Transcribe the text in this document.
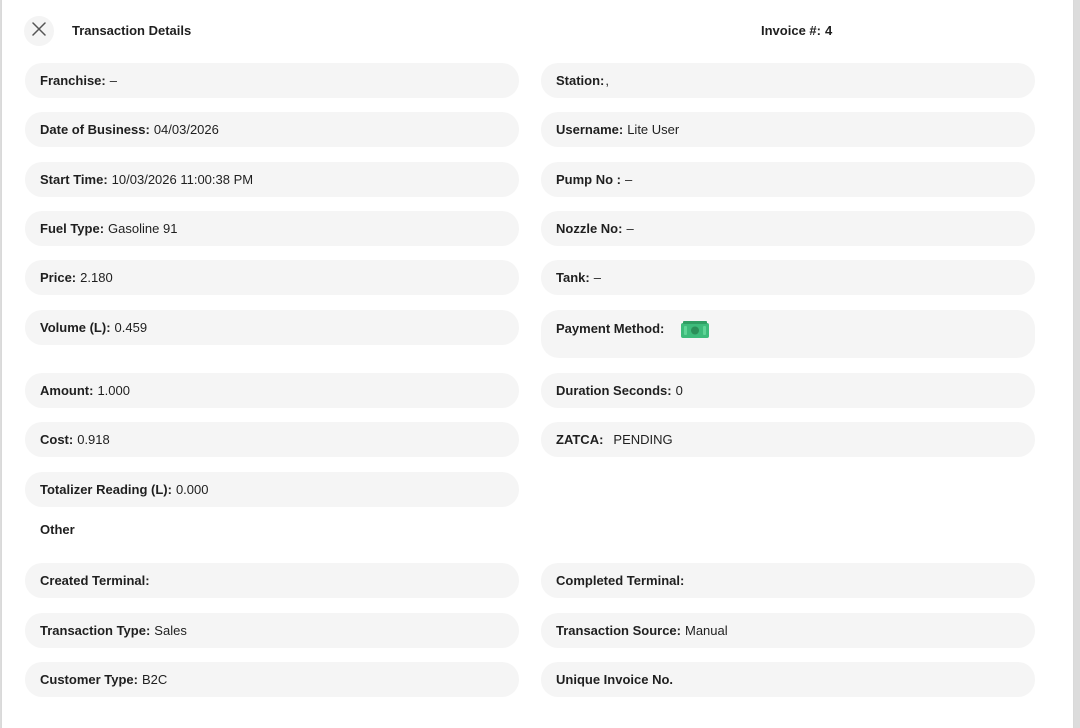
Transaction Details	Invoice #: 4
Franchise: –
Date of Business: 04/03/2026
Start Time: 10/03/2026 11:00:38 PM
Fuel Type: Gasoline 91
Price: 2.180
Volume (L): 0.459
Amount: 1.000
Cost: 0.918
Totalizer Reading (L): 0.000
Station: ,
Username: Lite User
Pump No : –
Nozzle No: –
Tank: –
Payment Method:
Duration Seconds: 0
ZATCA: PENDING
Other
Created Terminal:
Transaction Type: Sales
Customer Type: B2C
Completed Terminal:
Transaction Source: Manual
Unique Invoice No.
